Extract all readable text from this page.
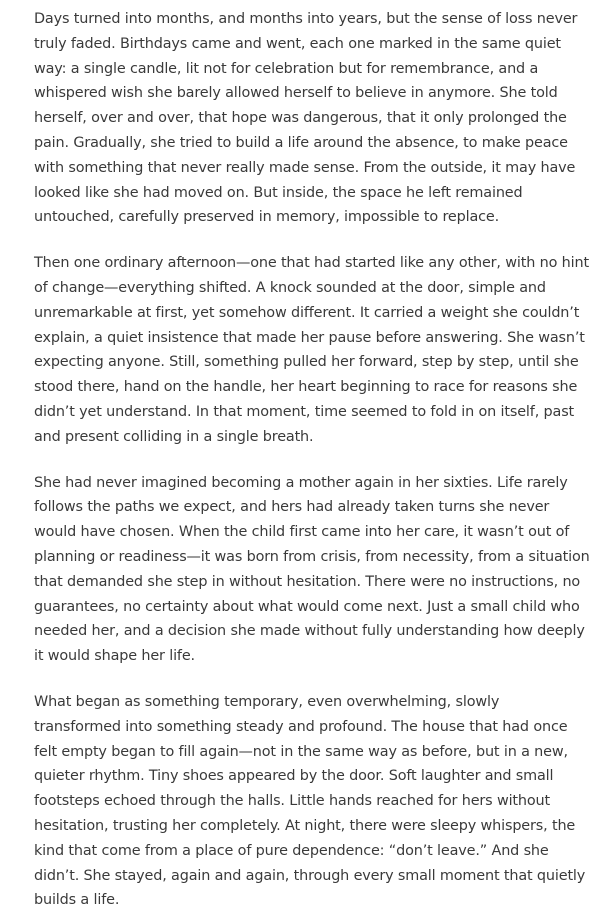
Days turned into months, and months into years, but the sense of loss never truly faded. Birthdays came and went, each one marked in the same quiet way: a single candle, lit not for celebration but for remembrance, and a whispered wish she barely allowed herself to believe in anymore. She told herself, over and over, that hope was dangerous, that it only prolonged the pain. Gradually, she tried to build a life around the absence, to make peace with something that never really made sense. From the outside, it may have looked like she had moved on. But inside, the space he left remained untouched, carefully preserved in memory, impossible to replace.

Then one ordinary afternoon—one that had started like any other, with no hint of change—everything shifted. A knock sounded at the door, simple and unremarkable at first, yet somehow different. It carried a weight she couldn’t explain, a quiet insistence that made her pause before answering. She wasn’t expecting anyone. Still, something pulled her forward, step by step, until she stood there, hand on the handle, her heart beginning to race for reasons she didn’t yet understand. In that moment, time seemed to fold in on itself, past and present colliding in a single breath.

She had never imagined becoming a mother again in her sixties. Life rarely follows the paths we expect, and hers had already taken turns she never would have chosen. When the child first came into her care, it wasn’t out of planning or readiness—it was born from crisis, from necessity, from a situation that demanded she step in without hesitation. There were no instructions, no guarantees, no certainty about what would come next. Just a small child who needed her, and a decision she made without fully understanding how deeply it would shape her life.

What began as something temporary, even overwhelming, slowly transformed into something steady and profound. The house that had once felt empty began to fill again—not in the same way as before, but in a new, quieter rhythm. Tiny shoes appeared by the door. Soft laughter and small footsteps echoed through the halls. Little hands reached for hers without hesitation, trusting her completely. At night, there were sleepy whispers, the kind that come from a place of pure dependence: “don’t leave.” And she didn’t. She stayed, again and again, through every small moment that quietly builds a life.
